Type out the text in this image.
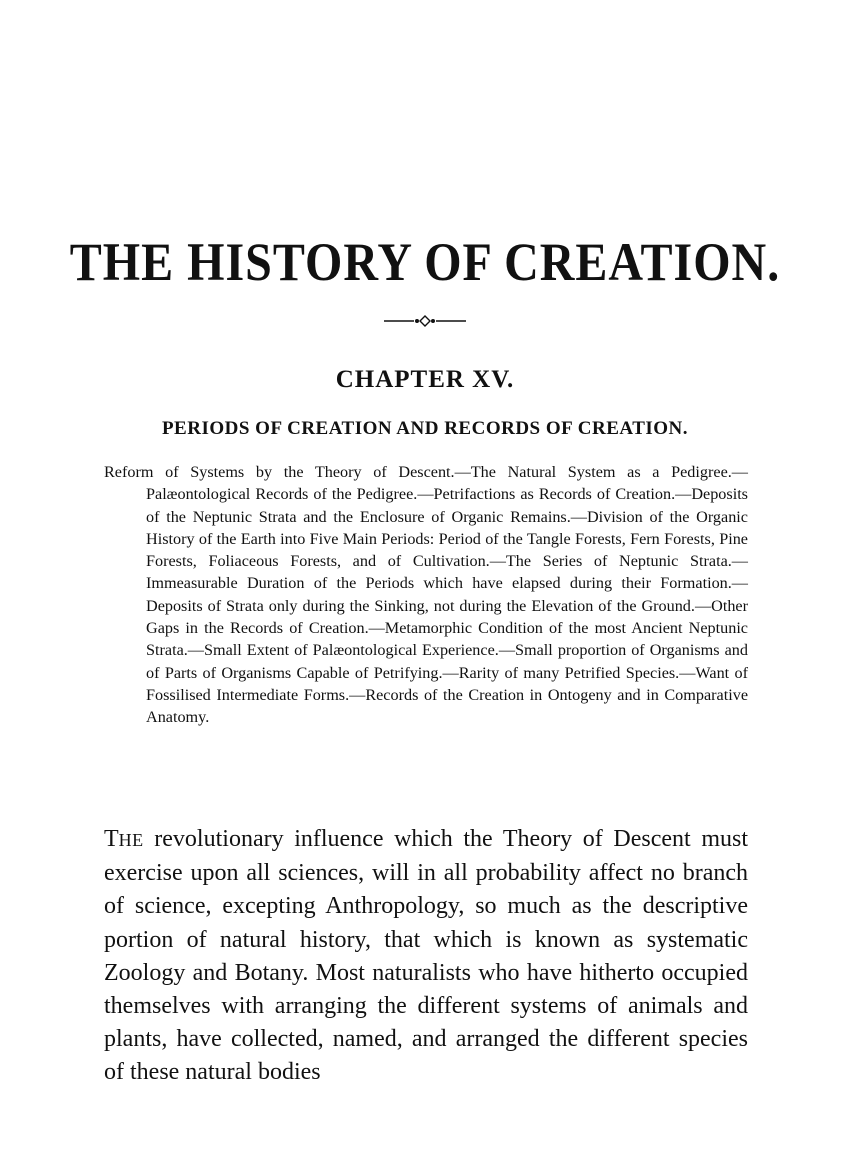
THE HISTORY OF CREATION.
CHAPTER XV.
PERIODS OF CREATION AND RECORDS OF CREATION.

Reform of Systems by the Theory of Descent.—The Natural System as a Pedigree.—Palæontological Records of the Pedigree.—Petrifactions as Records of Creation.—Deposits of the Neptunic Strata and the Enclosure of Organic Remains.—Division of the Organic History of the Earth into Five Main Periods: Period of the Tangle Forests, Fern Forests, Pine Forests, Foliaceous Forests, and of Cultivation.—The Series of Neptunic Strata.—Immeasurable Duration of the Periods which have elapsed during their Formation.—Deposits of Strata only during the Sinking, not during the Elevation of the Ground.—Other Gaps in the Records of Creation.—Metamorphic Condition of the most Ancient Neptunic Strata.—Small Extent of Palæontological Experience.—Small proportion of Organisms and of Parts of Organisms Capable of Petrifying.—Rarity of many Petrified Species.—Want of Fossilised Intermediate Forms.—Records of the Creation in Ontogeny and in Comparative Anatomy.

THE revolutionary influence which the Theory of Descent must exercise upon all sciences, will in all probability affect no branch of science, excepting Anthropology, so much as the descriptive portion of natural history, that which is known as systematic Zoology and Botany. Most naturalists who have hitherto occupied themselves with arranging the different systems of animals and plants, have collected, named, and arranged the different species of these natural bodies
